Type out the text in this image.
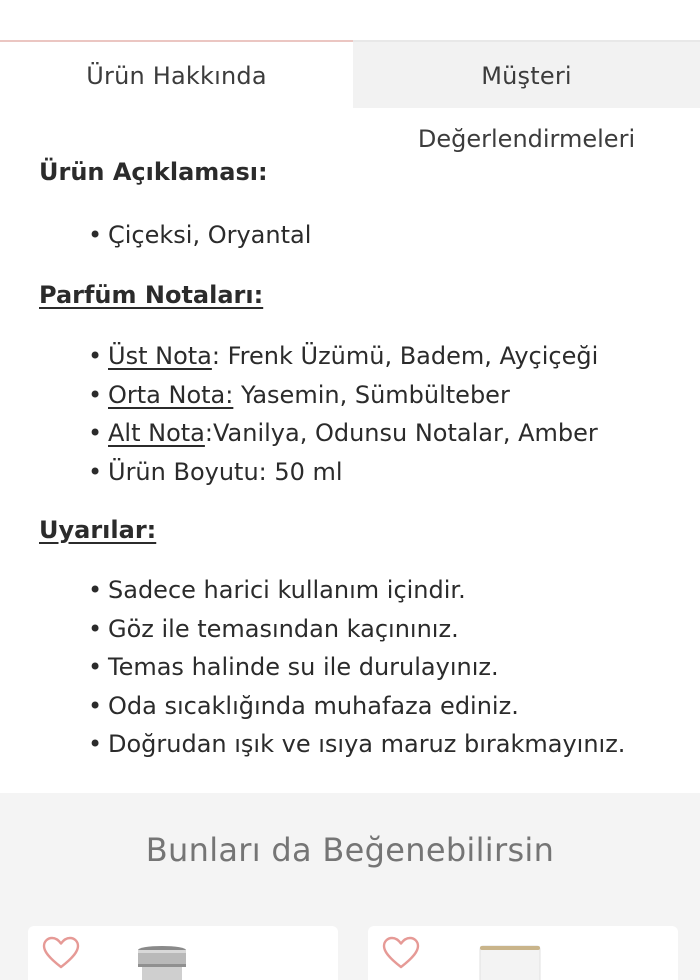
Ürün Hakkında	Müşteri
Değerlendirmeleri
Ürün Açıklaması:
• Çiçeksi, Oryantal
Parfüm Notaları:
• Üst Nota: Frenk Üzümü, Badem, Ayçiçeği
• Orta Nota: Yasemin, Sümbülteber
• Alt Nota:Vanilya, Odunsu Notalar, Amber
• Ürün Boyutu: 50 ml
Uyarılar:
• Sadece harici kullanım içindir.
• Göz ile temasından kaçınınız.
• Temas halinde su ile durulayınız.
• Oda sıcaklığında muhafaza ediniz.
• Doğrudan ışık ve ısıya maruz bırakmayınız.
Bunları da Beğenebilirsin
